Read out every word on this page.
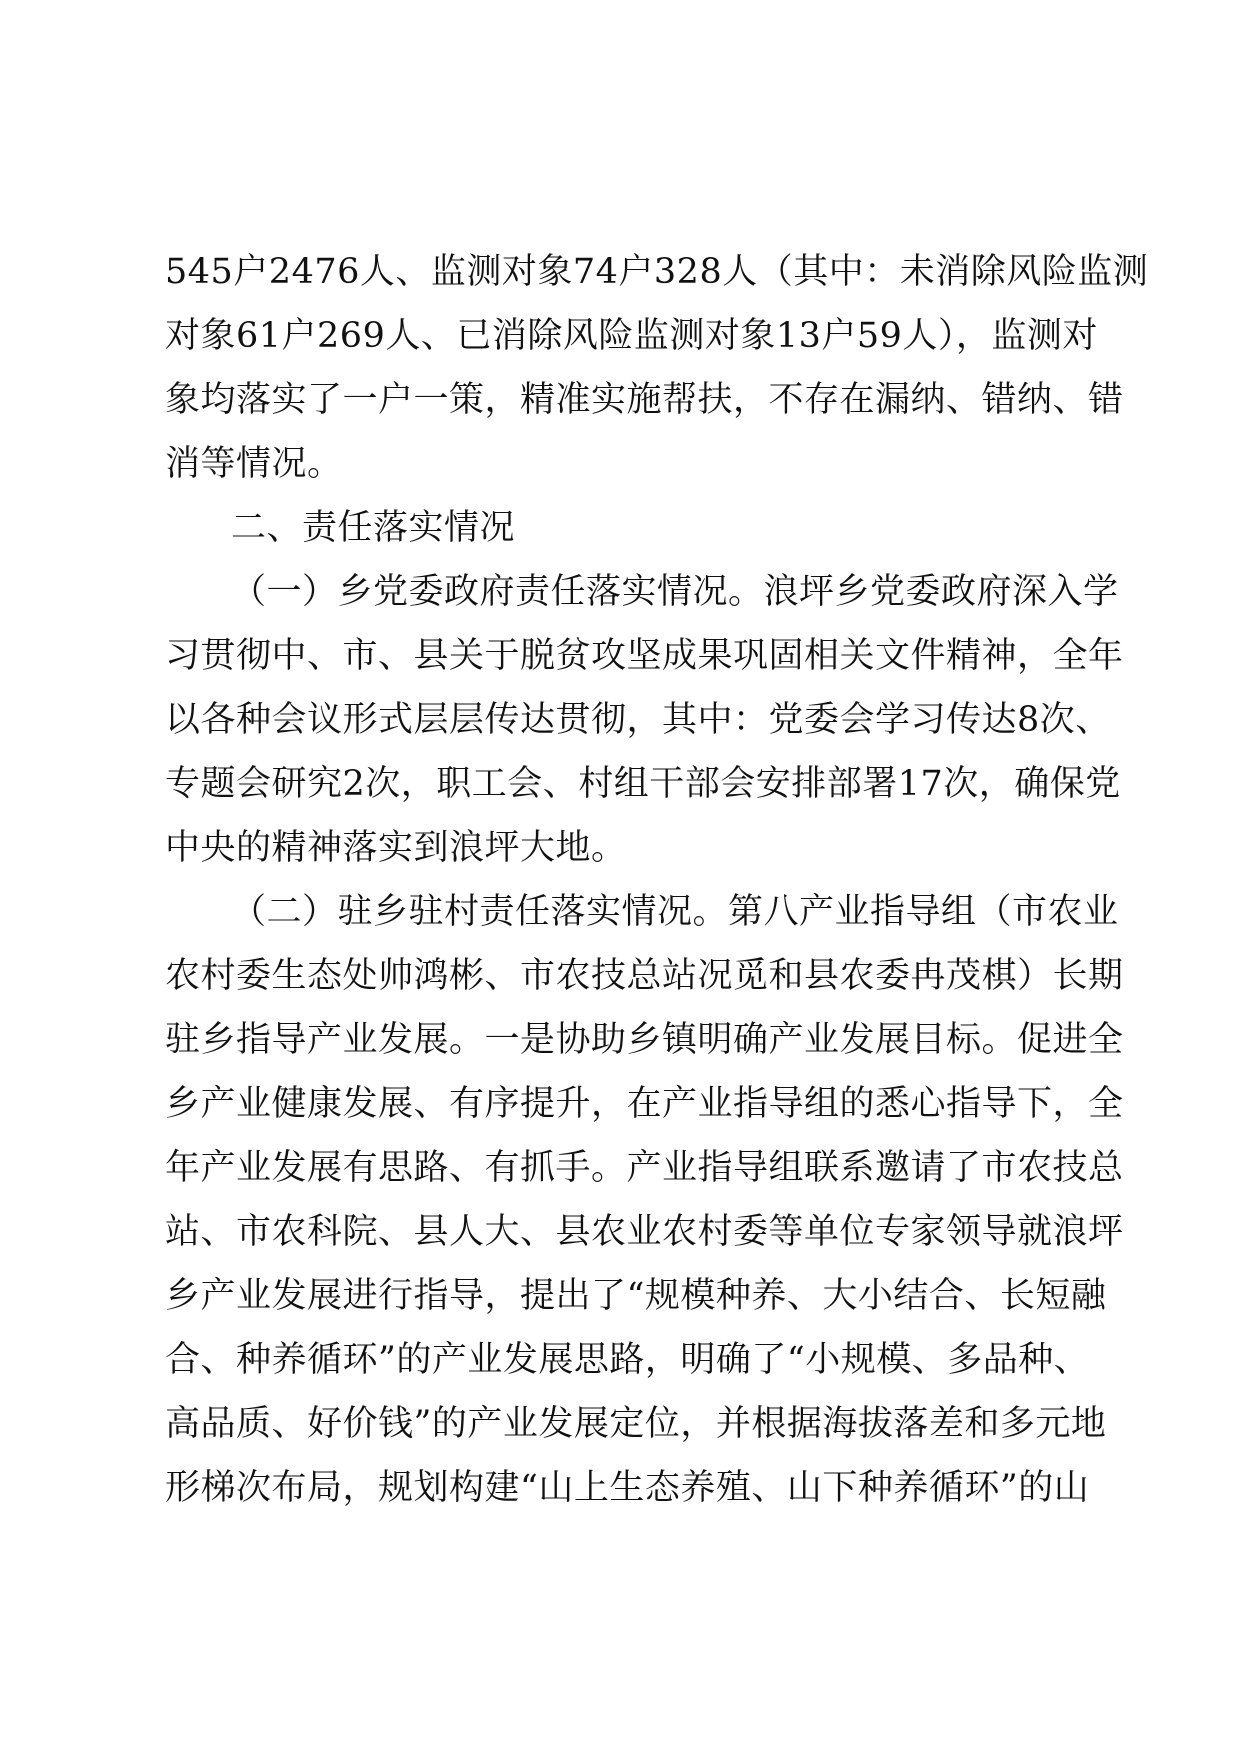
545户2476人、监测对象74户328人（其中：未消除风险监测
对象61户269人、已消除风险监测对象13户59人），监测对
象均落实了一户一策，精准实施帮扶，不存在漏纳、错纳、错
消等情况。
二、责任落实情况
（一）乡党委政府责任落实情况。浪坪乡党委政府深入学
习贯彻中、市、县关于脱贫攻坚成果巩固相关文件精神，全年
以各种会议形式层层传达贯彻，其中：党委会学习传达8次、
专题会研究2次，职工会、村组干部会安排部署17次，确保党
中央的精神落实到浪坪大地。
（二）驻乡驻村责任落实情况。第八产业指导组（市农业
农村委生态处帅鸿彬、市农技总站况觅和县农委冉茂棋）长期
驻乡指导产业发展。一是协助乡镇明确产业发展目标。促进全
乡产业健康发展、有序提升，在产业指导组的悉心指导下，全
年产业发展有思路、有抓手。产业指导组联系邀请了市农技总
站、市农科院、县人大、县农业农村委等单位专家领导就浪坪
乡产业发展进行指导，提出了“规模种养、大小结合、长短融
合、种养循环”的产业发展思路，明确了“小规模、多品种、
高品质、好价钱”的产业发展定位，并根据海拔落差和多元地
形梯次布局，规划构建“山上生态养殖、山下种养循环”的山
